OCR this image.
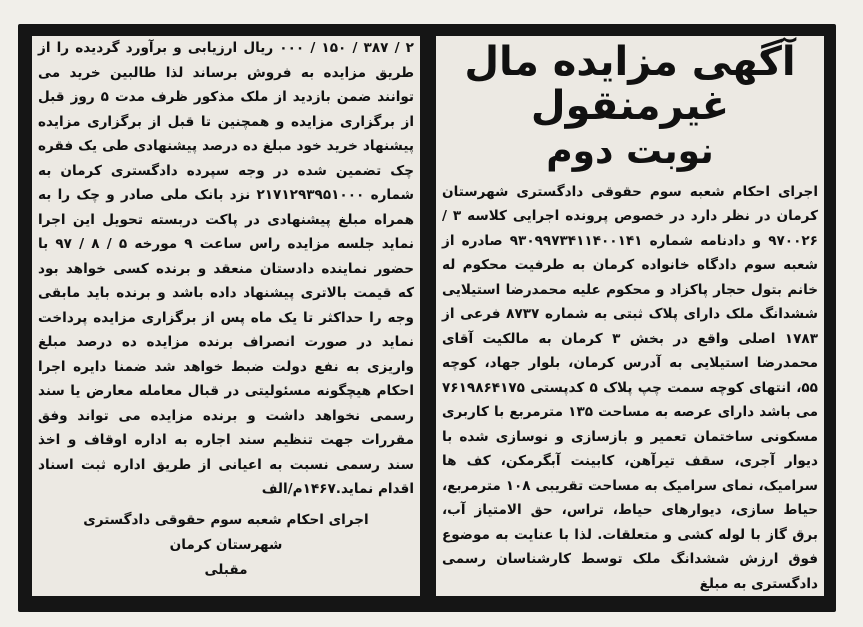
آگهی مزایده مال غیرمنقول
نوبت دوم

اجرای احکام شعبه سوم حقوقی دادگستری شهرستان کرمان در نظر دارد در خصوص پرونده اجرایی کلاسه ۳ / ۹۷۰۰۲۶ و دادنامه شماره ۹۳۰۹۹۷۳۴۱۱۴۰۰۱۴۱ صادره از شعبه سوم دادگاه خانواده کرمان به طرفیت محکوم له خانم بتول حجار پاکزاد و محکوم علیه محمدرضا استیلایی ششدانگ ملک دارای پلاک ثبتی به شماره ۸۷۳۷ فرعی از ۱۷۸۳ اصلی واقع در بخش ۳ کرمان به مالکیت آقای محمدرضا استیلایی به آدرس کرمان، بلوار جهاد، کوچه ۵۵، انتهای کوچه سمت چپ پلاک ۵ کدپستی ۷۶۱۹۸۶۴۱۷۵ می باشد دارای عرصه به مساحت ۱۳۵ مترمربع با کاربری مسکونی ساختمان تعمیر و بازسازی و نوسازی شده با دیوار آجری، سقف تیرآهن، کابینت آبگرمکن، کف ها سرامیک، نمای سرامیک به مساحت تقریبی ۱۰۸ مترمربع، حیاط سازی، دیوارهای حیاط، تراس، حق الامتیاز آب، برق گاز با لوله کشی و متعلقات. لذا با عنایت به موضوع فوق ارزش ششدانگ ملک توسط کارشناسان رسمی دادگستری به مبلغ

۲ / ۳۸۷ / ۱۵۰ / ۰۰۰ ریال ارزیابی و برآورد گردیده را از طریق مزایده به فروش برساند لذا طالبین خرید می توانند ضمن بازدید از ملک مذکور ظرف مدت ۵ روز قبل از برگزاری مزایده و همچنین تا قبل از برگزاری مزایده پیشنهاد خرید خود مبلغ ده درصد پیشنهادی طی یک فقره چک تضمین شده در وجه سپرده دادگستری کرمان به شماره ۲۱۷۱۲۹۳۹۵۱۰۰۰ نزد بانک ملی صادر و چک را به همراه مبلغ پیشنهادی در پاکت دربسته تحویل این اجرا نماید جلسه مزایده راس ساعت ۹ مورخه ۵ / ۸ / ۹۷ با حضور نماینده دادستان منعقد و برنده کسی خواهد بود که قیمت بالاتری پیشنهاد داده باشد و برنده باید مابقی وجه را حداکثر تا یک ماه پس از برگزاری مزایده پرداخت نماید در صورت انصراف برنده مزایده ده درصد مبلغ واریزی به نفع دولت ضبط خواهد شد ضمنا دایره اجرا احکام هیچگونه مسئولیتی در قبال معامله معارض یا سند رسمی نخواهد داشت و برنده مزایده می تواند وفق مقررات جهت تنظیم سند اجاره به اداره اوقاف و اخذ سند رسمی نسبت به اعیانی از طریق اداره ثبت اسناد اقدام نماید.۱۴۶۷م/الف

اجرای احکام شعبه سوم حقوقی دادگستری
شهرستان کرمان
مقبلی
